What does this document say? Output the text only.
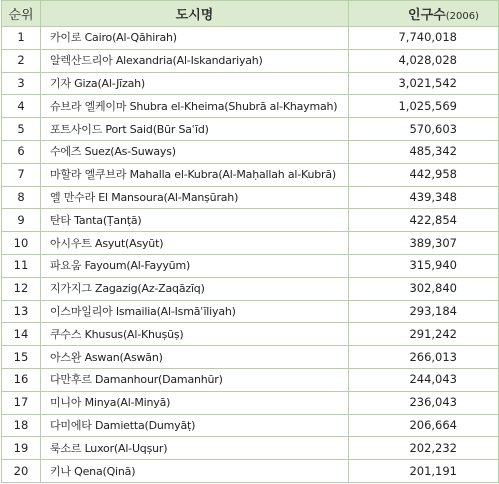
순위	도시명	인구수(2006)
1	카이로 Cairo(Al-Qāhirah)	7,740,018
2	알렉산드리아 Alexandria(Al-Iskandariyah)	4,028,028
3	기자 Giza(Al-Jīzah)	3,021,542
4	슈브라 엘케이마 Shubra el-Kheima(Shubrā al-Khaymah)	1,025,569
5	포트사이드 Port Said(Būr Saʿīd)	570,603
6	수에즈 Suez(As-Suways)	485,342
7	마할라 엘쿠브라 Mahalla el-Kubra(Al-Maḥallah al-Kubrā)	442,958
8	엘 만수라 El Mansoura(Al-Manṣūrah)	439,348
9	탄타 Tanta(Ṭanṭā)	422,854
10	아시우트 Asyut(Asyūt)	389,307
11	파요움 Fayoum(Al-Fayyūm)	315,940
12	지가지그 Zagazig(Az-Zaqāzīq)	302,840
13	이스마일리아 Ismailia(Al-Ismāʿīliyah)	293,184
14	쿠수스 Khusus(Al-Khuṣūṣ)	291,242
15	아스완 Aswan(Aswān)	266,013
16	다만후르 Damanhour(Damanhūr)	244,043
17	미니아 Minya(Al-Minyā)	236,043
18	다미에타 Damietta(Dumyāṭ)	206,664
19	룩소르 Luxor(Al-Uqṣur)	202,232
20	키나 Qena(Qinā)	201,191
